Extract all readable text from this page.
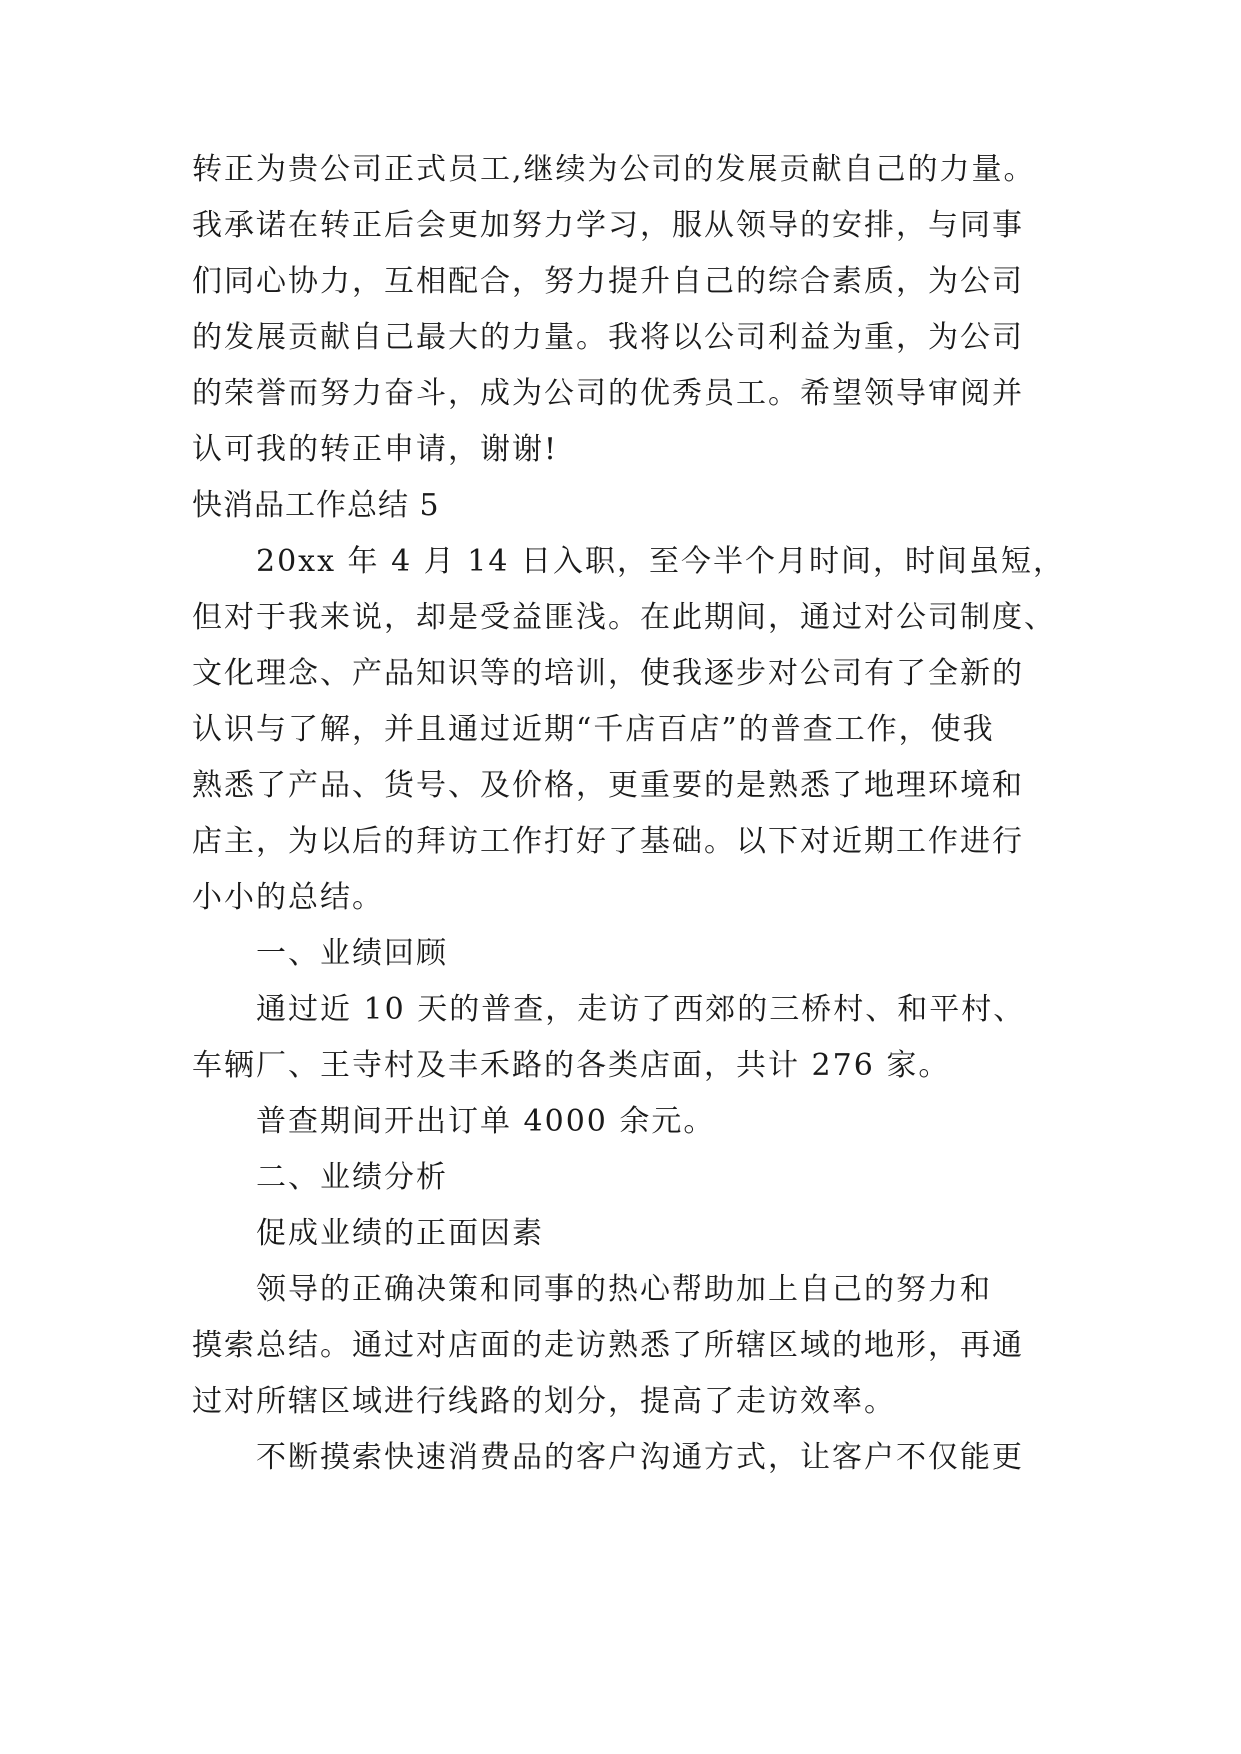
转正为贵公司正式员工,继续为公司的发展贡献自己的力量。
我承诺在转正后会更加努力学习，服从领导的安排，与同事
们同心协力，互相配合，努力提升自己的综合素质，为公司
的发展贡献自己最大的力量。我将以公司利益为重，为公司
的荣誉而努力奋斗，成为公司的优秀员工。希望领导审阅并
认可我的转正申请，谢谢!
快消品工作总结 5
20xx 年 4 月 14 日入职，至今半个月时间，时间虽短，
但对于我来说，却是受益匪浅。在此期间，通过对公司制度、
文化理念、产品知识等的培训，使我逐步对公司有了全新的
认识与了解，并且通过近期“千店百店”的普查工作，使我
熟悉了产品、货号、及价格，更重要的是熟悉了地理环境和
店主，为以后的拜访工作打好了基础。以下对近期工作进行
小小的总结。
一、业绩回顾
通过近 10 天的普查，走访了西郊的三桥村、和平村、
车辆厂、王寺村及丰禾路的各类店面，共计 276 家。
普查期间开出订单 4000 余元。
二、业绩分析
促成业绩的正面因素
领导的正确决策和同事的热心帮助加上自己的努力和
摸索总结。通过对店面的走访熟悉了所辖区域的地形，再通
过对所辖区域进行线路的划分，提高了走访效率。
不断摸索快速消费品的客户沟通方式，让客户不仅能更
